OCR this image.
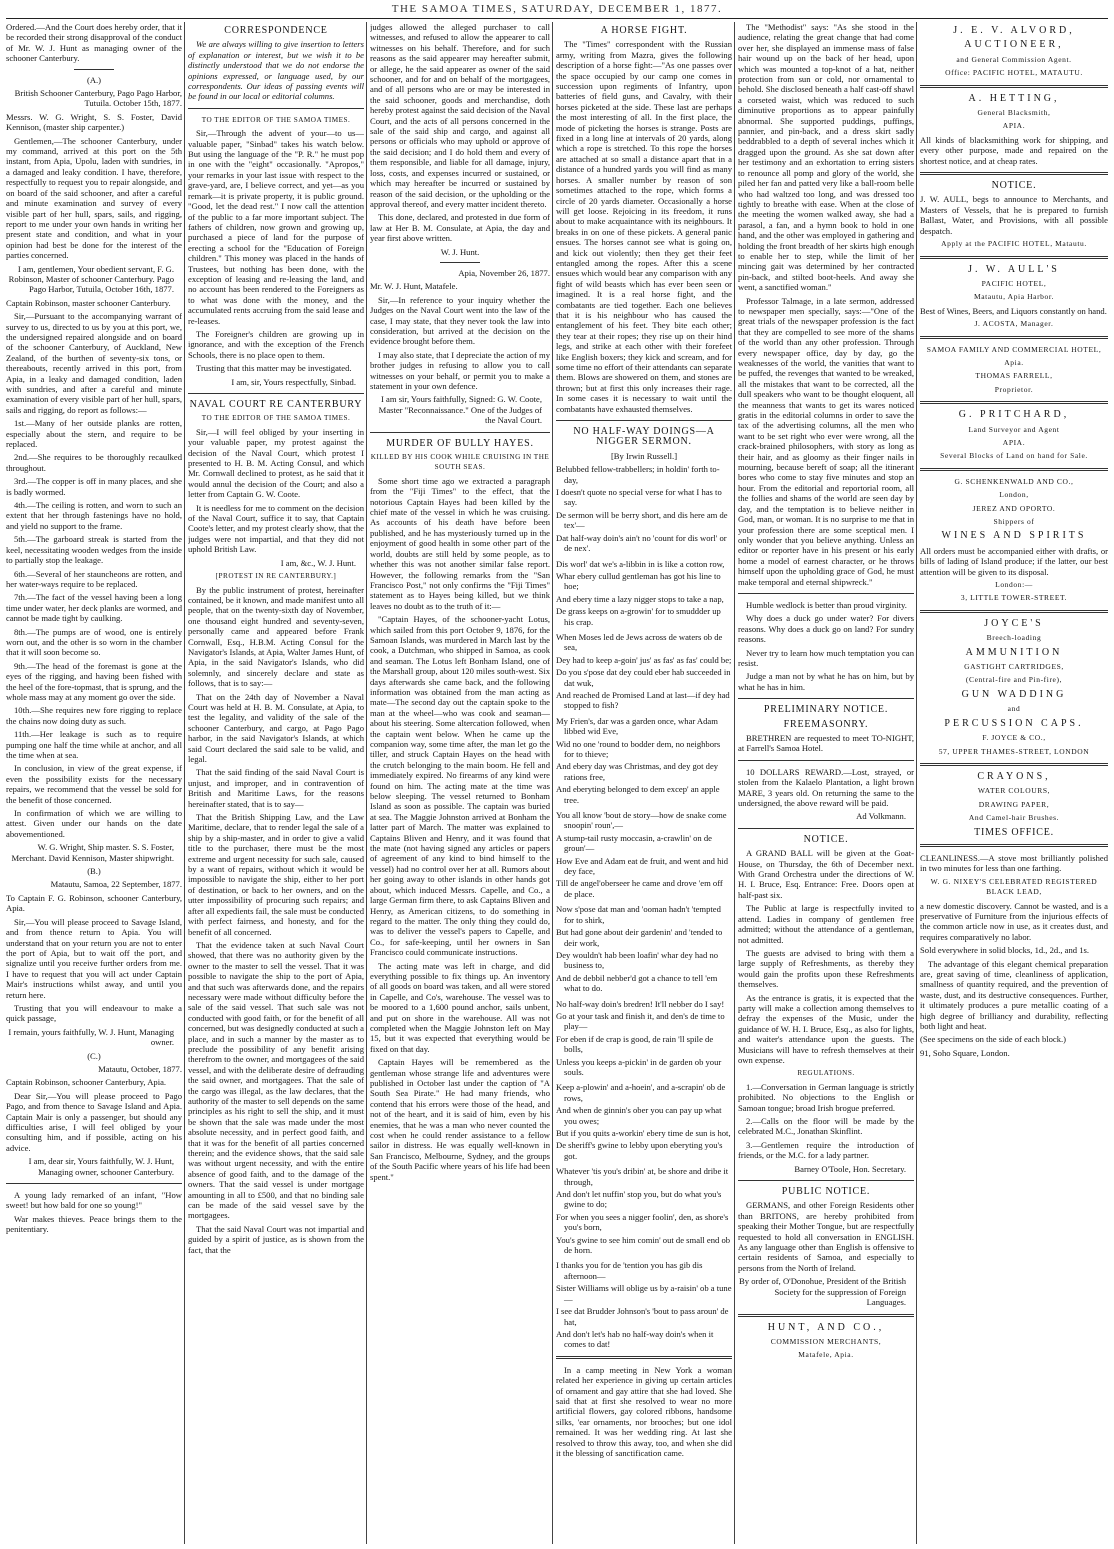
THE SAMOA TIMES, SATURDAY, DECEMBER 1, 1877.

Ordered.—And the Court does hereby order, that it be recorded their strong disapproval of the conduct of Mr. W. J. Hunt as managing owner of the schooner Canterbury.

(A.)

British Schooner Canterbury, Pago Pago Harbor, Tutuila. October 15th, 1877.

Messrs. W. G. Wright, S. S. Foster, David Kennison, (master ship carpenter.)

Gentlemen,—The schooner Canterbury, under my command, arrived at this port on the 5th instant, from Apia, Upolu, laden with sundries, in a damaged and leaky condition. I have, therefore, respectfully to request you to repair alongside, and on board of the said schooner, and after a careful and minute examination and survey of every visible part of her hull, spars, sails, and rigging, report to me under your own hands in writing her present state and condition, and what in your opinion had best be done for the interest of the parties concerned.

I am, gentlemen, Your obedient servant, F. G. Robinson, Master of schooner Canterbury. Pago Pago Harbor, Tutuila, October 16th, 1877.

Captain Robinson, master schooner Canterbury.

Sir,—Pursuant to the accompanying warrant of survey to us, directed to us by you at this port, we, the undersigned repaired alongside and on board of the schooner Canterbury, of Auckland, New Zealand, of the burthen of seventy-six tons, or thereabouts, recently arrived in this port, from Apia, in a leaky and damaged condition, laden with sundries, and after a careful and minute examination of every visible part of her hull, spars, sails and rigging, do report as follows:—

1st.—Many of her outside planks are rotten, especially about the stern, and require to be replaced.

2nd.—She requires to be thoroughly recaulked throughout.

3rd.—The copper is off in many places, and she is badly wormed.

4th.—The ceiling is rotten, and worn to such an extent that her through fastenings have no hold, and yield no support to the frame.

5th.—The garboard streak is started from the keel, necessitating wooden wedges from the inside to partially stop the leakage.

6th.—Several of her stauncheons are rotten, and her water-ways require to be replaced.

7th.—The fact of the vessel having been a long time under water, her deck planks are wormed, and cannot be made tight by caulking.

8th.—The pumps are of wood, one is entirely worn out, and the other is so worn in the chamber that it will soon become so.

9th.—The head of the foremast is gone at the eyes of the rigging, and having been fished with the heel of the fore-topmast, that is sprung, and the whole mass may at any moment go over the side.

10th.—She requires new fore rigging to replace the chains now doing duty as such.

11th.—Her leakage is such as to require pumping one half the time while at anchor, and all the time when at sea.

In conclusion, in view of the great expense, if even the possibility exists for the necessary repairs, we recommend that the vessel be sold for the benefit of those concerned.

In confirmation of which we are willing to attest. Given under our hands on the date abovementioned.

W. G. Wright, Ship master. S. S. Foster, Merchant. David Kennison, Master shipwright.

(B.)

Matautu, Samoa, 22 September, 1877.

To Captain F. G. Robinson, schooner Canterbury, Apia.

Sir,—You will please proceed to Savage Island, and from thence return to Apia. You will understand that on your return you are not to enter the port of Apia, but to wait off the port, and signalize until you receive further orders from me. I have to request that you will act under Captain Mair's instructions whilst away, and until you return here.

Trusting that you will endeavour to make a quick passage,

I remain, yours faithfully, W. J. Hunt, Managing owner.

(C.)

Matautu, October, 1877.

Captain Robinson, schooner Canterbury, Apia.

Dear Sir,—You will please proceed to Pago Pago, and from thence to Savage Island and Apia. Captain Mair is only a passenger, but should any difficulties arise, I will feel obliged by your consulting him, and if possible, acting on his advice.

I am, dear sir, Yours faithfully, W. J. Hunt, Managing owner, schooner Canterbury.

A young lady remarked of an infant, "How sweet! but how bald for one so young!"

War makes thieves. Peace brings them to the penitentiary.

CORRESPONDENCE

We are always willing to give insertion to letters of explanation or interest, but we wish it to be distinctly understood that we do not endorse the opinions expressed, or language used, by our correspondents. Our ideas of passing events will be found in our local or editorial columns.

TO THE EDITOR OF THE SAMOA TIMES.

Sir,—Through the advent of your—to us—valuable paper, "Sinbad" takes his watch below. But using the language of the "P. R." he must pop in one with the "eight" occasionally. "Apropos," your remarks in your last issue with respect to the grave-yard, are, I believe correct, and yet—as you remark—it is private property, it is public ground. "Good, let the dead rest." I now call the attention of the public to a far more important subject. The fathers of children, now grown and growing up, purchased a piece of land for the purpose of erecting a school for the "Education of Foreign children." This money was placed in the hands of Trustees, but nothing has been done, with the exception of leasing and re-leasing the land, and no account has been rendered to the Foreigners as to what was done with the money, and the accumulated rents accruing from the said lease and re-leases.

The Foreigner's children are growing up in ignorance, and with the exception of the French Schools, there is no place open to them.

Trusting that this matter may be investigated.

I am, sir, Yours respectfully, Sinbad.

NAVAL COURT RE CANTERBURY
TO THE EDITOR OF THE SAMOA TIMES.

Sir,—I will feel obliged by your inserting in your valuable paper, my protest against the decision of the Naval Court, which protest I presented to H. B. M. Acting Consul, and which Mr. Cornwall declined to protest, as he said that it would annul the decision of the Court; and also a letter from Captain G. W. Coote.

It is needless for me to comment on the decision of the Naval Court, suffice it to say, that Captain Coote's letter, and my protest clearly show, that the judges were not impartial, and that they did not uphold British Law.

I am, &c., W. J. Hunt.

[PROTEST IN RE CANTERBURY.]

By the public instrument of protest, hereinafter contained, be it known, and made manifest unto all people, that on the twenty-sixth day of November, one thousand eight hundred and seventy-seven, personally came and appeared before Frank Cornwall, Esq., H.B.M. Acting Consul for the Navigator's Islands, at Apia, Walter James Hunt, of Apia, in the said Navigator's Islands, who did solemnly, and sincerely declare and state as follows, that is to say:—

That on the 24th day of November a Naval Court was held at H. B. M. Consulate, at Apia, to test the legality, and validity of the sale of the schooner Canterbury, and cargo, at Pago Pago harbor, in the said Navigator's Islands, at which said Court declared the said sale to be valid, and legal.

That the said finding of the said Naval Court is unjust, and improper, and in contravention of British and Maritime Laws, for the reasons hereinafter stated, that is to say—

That the British Shipping Law, and the Law Maritime, declare, that to render legal the sale of a ship by a ship-master, and in order to give a valid title to the purchaser, there must be the most extreme and urgent necessity for such sale, caused by a want of repairs, without which it would be impossible to navigate the ship, either to her port of destination, or back to her owners, and on the utter impossibility of procuring such repairs; and after all expedients fail, the sale must be conducted with perfect fairness, and honesty, and for the benefit of all concerned.

That the evidence taken at such Naval Court showed, that there was no authority given by the owner to the master to sell the vessel. That it was possible to navigate the ship to the port of Apia, and that such was afterwards done, and the repairs necessary were made without difficulty before the sale of the said vessel. That such sale was not conducted with good faith, or for the benefit of all concerned, but was designedly conducted at such a place, and in such a manner by the master as to preclude the possibility of any benefit arising therefrom to the owner, and mortgagees of the said vessel, and with the deliberate desire of defrauding the said owner, and mortgagees. That the sale of the cargo was illegal, as the law declares, that the authority of the master to sell depends on the same principles as his right to sell the ship, and it must be shown that the sale was made under the most absolute necessity, and in perfect good faith, and that it was for the benefit of all parties concerned therein; and the evidence shows, that the said sale was without urgent necessity, and with the entire absence of good faith, and to the damage of the owners. That the said vessel is under mortgage amounting in all to £500, and that no binding sale can be made of the said vessel save by the mortgagees.

That the said Naval Court was not impartial and guided by a spirit of justice, as is shown from the fact, that the

judges allowed the alleged purchaser to call witnesses, and refused to allow the appearer to call witnesses on his behalf. Therefore, and for such reasons as the said appearer may hereafter submit, or allege, he the said appearer as owner of the said schooner, and for and on behalf of the mortgagees, and of all persons who are or may be interested in the said schooner, goods and merchandise, doth hereby protest against the said decision of the Naval Court, and the acts of all persons concerned in the sale of the said ship and cargo, and against all persons or officials who may uphold or approve of the said decision; and I do hold them and every of them responsible, and liable for all damage, injury, loss, costs, and expenses incurred or sustained, or which may hereafter be incurred or sustained by reason of the said decision, or the upholding or the approval thereof, and every matter incident thereto.

This done, declared, and protested in due form of law at Her B. M. Consulate, at Apia, the day and year first above written.

W. J. Hunt.

Apia, November 26, 1877.

Mr. W. J. Hunt, Matafele.

Sir,—In reference to your inquiry whether the Judges on the Naval Court went into the law of the case, I may state, that they never took the law into consideration, but arrived at the decision on the evidence brought before them.

I may also state, that I depreciate the action of my brother judges in refusing to allow you to call witnesses on your behalf, or permit you to make a statement in your own defence.

I am sir, Yours faithfully, Signed: G. W. Coote, Master "Reconnaissance." One of the Judges of the Naval Court.

MURDER OF BULLY HAYES.
KILLED BY HIS COOK WHILE CRUISING IN THE SOUTH SEAS.

Some short time ago we extracted a paragraph from the "Fiji Times" to the effect, that the notorious Captain Hayes had been killed by the chief mate of the vessel in which he was cruising. As accounts of his death have before been published, and he has mysteriously turned up in the enjoyment of good health in some other part of the world, doubts are still held by some people, as to whether this was not another similar false report. However, the following remarks from the "San Francisco Post," not only confirms the "Fiji Times" statement as to Hayes being killed, but we think leaves no doubt as to the truth of it:—

"Captain Hayes, of the schooner-yacht Lotus, which sailed from this port October 9, 1876, for the Samoan Islands, was murdered in March last by the cook, a Dutchman, who shipped in Samoa, as cook and seaman. The Lotus left Bonham Island, one of the Marshall group, about 120 miles south-west. Six days afterwards she came back, and the following information was obtained from the man acting as mate—The second day out the captain spoke to the man at the wheel—who was cook and seaman—about his steering. Some altercation followed, when the captain went below. When he came up the companion way, some time after, the man let go the tiller, and struck Captain Hayes on the head with the crutch belonging to the main boom. He fell and immediately expired. No firearms of any kind were found on him. The acting mate at the time was below sleeping. The vessel returned to Bonham Island as soon as possible. The captain was buried at sea. The Maggie Johnston arrived at Bonham the latter part of March. The matter was explained to Captains Bliven and Henry, and it was found that the mate (not having signed any articles or papers of agreement of any kind to bind himself to the vessel) had no control over her at all. Rumors about her going away to other islands in other hands got about, which induced Messrs. Capelle, and Co., a large German firm there, to ask Captains Bliven and Henry, as American citizens, to do something in regard to the matter. The only thing they could do, was to deliver the vessel's papers to Capelle, and Co., for safe-keeping, until her owners in San Francisco could communicate instructions.

The acting mate was left in charge, and did everything possible to fix things up. An inventory of all goods on board was taken, and all were stored in Capelle, and Co's, warehouse. The vessel was to be moored to a 1,600 pound anchor, sails unbent, and put on shore in the warehouse. All was not completed when the Maggie Johnston left on May 15, but it was expected that everything would be fixed on that day.

Captain Hayes will be remembered as the gentleman whose strange life and adventures were published in October last under the caption of "A South Sea Pirate." He had many friends, who contend that his errors were those of the head, and not of the heart, and it is said of him, even by his enemies, that he was a man who never counted the cost when he could render assistance to a fellow sailor in distress. He was equally well-known in San Francisco, Melbourne, Sydney, and the groups of the South Pacific where years of his life had been spent."

A HORSE FIGHT.

The "Times" correspondent with the Russian army, writing from Mazra, gives the following description of a horse fight:—"As one passes over the space occupied by our camp one comes in succession upon regiments of Infantry, upon batteries of field guns, and Cavalry, with their horses picketed at the side. These last are perhaps the most interesting of all. In the first place, the mode of picketing the horses is strange. Posts are fixed in a long line at intervals of 20 yards, along which a rope is stretched. To this rope the horses are attached at so small a distance apart that in a distance of a hundred yards you will find as many horses. A smaller number by reason of son sometimes attached to the rope, which forms a circle of 20 yards diameter. Occasionally a horse will get loose. Rejoicing in its freedom, it runs about to make acquaintance with its neighbours. It breaks in on one of these pickets. A general panic ensues. The horses cannot see what is going on, and kick out violently; then they get their feet entangled among the ropes. After this a scene ensues which would bear any comparison with any fight of wild beasts which has ever been seen or imagined. It is a real horse fight, and the combatants are tied together. Each one believes that it is his neighbour who has caused the entanglement of his feet. They bite each other; they tear at their ropes; they rise up on their hind legs, and strike at each other with their forefeet like English boxers; they kick and scream, and for some time no effort of their attendants can separate them. Blows are showered on them, and stones are thrown; but at first this only increases their rage. In some cases it is necessary to wait until the combatants have exhausted themselves.

NO HALF-WAY DOINGS—A NIGGER SERMON.

[By Irwin Russell.]

Belubbed fellow-trabbellers; in holdin' forth to-day,

I doesn't quote no special verse for what I has to say.

De sermon will be berry short, and dis here am de tex'—

Dat half-way doin's ain't no 'count for dis worl' or de nex'.

Dis worl' dat we's a-libbin in is like a cotton row,

Whar ebery cullud gentleman has got his line to hoe;

And ebery time a lazy nigger stops to take a nap,

De grass keeps on a-growin' for to smuddder up his crap.

When Moses led de Jews across de waters ob de sea,

Dey had to keep a-goin' jus' as fas' as fas' could be;

Do you s'pose dat dey could eber hab succeeded in dat wuk,

And reached de Promised Land at last—if dey had stopped to fish?

My Frien's, dar was a garden once, whar Adam libbed wid Eve,

Wid no one 'round to bodder dem, no neighbors for to thieve;

And ebery day was Christmas, and dey got dey rations free,

And eberyting belonged to dem excep' an apple tree.

You all know 'bout de story—how de snake come snoopin' roun',—

A stump-tail rusty moccasin, a-crawlin' on de groun'—

How Eve and Adam eat de fruit, and went and hid dey face,

Till de angel'oberseer he came and drove 'em off de place.

Now s'pose dat man and 'ooman hadn't 'tempted for to shirk,

But had gone about deir gardenin' and 'tended to deir work,

Dey wouldn't hab been loafin' whar dey had no business to,

And de debbil nebber'd got a chance to tell 'em what to do.

No half-way doin's bredren! It'll nebber do I say!

Go at your task and finish it, and den's de time to play—

For eben if de crap is good, de rain 'll spile de bolls,

Unless you keeps a-pickin' in de garden ob your souls.

Keep a-plowin' and a-hoein', and a-scrapin' ob de rows,

And when de ginnin's ober you can pay up what you owes;

But if you quits a-workin' ebery time de sun is hot,

De sheriff's gwine to lebby upon eberyting you's got.

Whatever 'tis you's dribin' at, be shore and dribe it through,

And don't let nuffin' stop you, but do what you's gwine to do;

For when you sees a nigger foolin', den, as shore's you's born,

You's gwine to see him comin' out de small end ob de horn.

I thanks you for de 'tention you has gib dis afternoon—

Sister Williams will oblige us by a-raisin' ob a tune—

I see dat Brudder Johnson's 'bout to pass aroun' de hat,

And don't let's hab no half-way doin's when it comes to dat!

In a camp meeting in New York a woman related her experience in giving up certain articles of ornament and gay attire that she had loved. She said that at first she resolved to wear no more artificial flowers, gay colored ribbons, handsome silks, 'ear ornaments, nor brooches; but one idol remained. It was her wedding ring. At last she resolved to throw this away, too, and when she did it the blessing of sanctification came.

The "Methodist" says: "As she stood in the audience, relating the great change that had come over her, she displayed an immense mass of false hair wound up on the back of her head, upon which was mounted a top-knot of a hat, neither protection from sun or cold, nor ornamental to behold. She disclosed beneath a half cast-off shawl a corseted waist, which was reduced to such diminutive proportions as to appear painfully abnormal. She supported puddings, puffings, pannier, and pin-back, and a dress skirt sadly beddrabbled to a depth of several inches which it dragged upon the ground. As she sat down after her testimony and an exhortation to erring sisters to renounce all pomp and glory of the world, she piled her fan and patted very like a ball-room belle who had waltzed too long, and was dressed too tightly to breathe with ease. When at the close of the meeting the women walked away, she had a parasol, a fan, and a hymn book to hold in one hand, and the other was employed in gathering and holding the front breadth of her skirts high enough to enable her to step, while the limit of her mincing gait was determined by her contracted pin-back, and stilted boot-heels. And away she went, a sanctified woman."

Professor Talmage, in a late sermon, addressed to newspaper men specially, says:—"One of the great trials of the newspaper profession is the fact that they are compelled to see more of the shams of the world than any other profession. Through every newspaper office, day by day, go the weaknesses of the world, the vanities that want to be puffed, the revenges that wanted to be wreaked, all the mistakes that want to be corrected, all the dull speakers who want to be thought eloquent, all the meanness that wants to get its wares noticed gratis in the editorial columns in order to save the tax of the advertising columns, all the men who want to be set right who ever were wrong, all the crack-brained philosophers, with story as long as their hair, and as gloomy as their finger nails in mourning, because bereft of soap; all the itinerant bores who come to stay five minutes and stop an hour. From the editorial and reportorial room, all the follies and shams of the world are seen day by day, and the temptation is to believe neither in God, man, or woman. It is no surprise to me that in your profession there are some sceptical men. I only wonder that you believe anything. Unless an editor or reporter have in his present or his early home a model of earnest character, or he throws himself upon the upholding grace of God, he must make temporal and eternal shipwreck."

Humble wedlock is better than proud virginity.

Why does a duck go under water? For divers reasons. Why does a duck go on land? For sundry reasons.

Never try to learn how much temptation you can resist.

Judge a man not by what he has on him, but by what he has in him.

PRELIMINARY NOTICE.
FREEMASONRY.

BRETHREN are requested to meet TO-NIGHT, at Farrell's Samoa Hotel.

10 DOLLARS REWARD.—Lost, strayed, or stolen from the Kalaelo Plantation, a light brown MARE, 3 years old. On returning the same to the undersigned, the above reward will be paid.

Ad Volkmann.

NOTICE.

A GRAND BALL will be given at the Goat-House, on Thursday, the 6th of December next. With Grand Orchestra under the directions of W. H. I. Bruce, Esq. Entrance: Free. Doors open at half-past six.

The Public at large is respectfully invited to attend. Ladies in company of gentlemen free admitted; without the attendance of a gentleman, not admitted.

The guests are advised to bring with them a large supply of Refreshments, as thereby they would gain the profits upon these Refreshments themselves.

As the entrance is gratis, it is expected that the party will make a collection among themselves to defray the expenses of the Music, under the guidance of W. H. I. Bruce, Esq., as also for lights, and waiter's attendance upon the guests. The Musicians will have to refresh themselves at their own expense.

REGULATIONS.

1.—Conversation in German language is strictly prohibited. No objections to the English or Samoan tongue; broad Irish brogue preferred.

2.—Calls on the floor will be made by the celebrated M.C., Jonathan Skinflint.

3.—Gentlemen require the introduction of friends, or the M.C. for a lady partner.

Barney O'Toole, Hon. Secretary.

PUBLIC NOTICE.

GERMANS, and other Foreign Residents other than BRITONS, are hereby prohibited from speaking their Mother Tongue, but are respectfully requested to hold all conversation in ENGLISH. As any language other than English is offensive to certain residents of Samoa, and especially to persons from the North of Ireland.

By order of, O'Donohue, President of the British Society for the suppression of Foreign Languages.

HUNT, AND CO.,
COMMISSION MERCHANTS,
Matafele, Apia.
J. E. V. ALVORD,
AUCTIONEER,
and General Commission Agent.
Office: PACIFIC HOTEL, MATAUTU.
A. HETTING,
General Blacksmith,
APIA.

All kinds of blacksmithing work for shipping, and every other purpose, made and repaired on the shortest notice, and at cheap rates.

NOTICE.

J. W. AULL, begs to announce to Merchants, and Masters of Vessels, that he is prepared to furnish Ballast, Water, and Provisions, with all possible despatch.

Apply at the PACIFIC HOTEL, Matautu.
J. W. AULL'S
PACIFIC HOTEL,
Matautu, Apia Harbor.

Best of Wines, Beers, and Liquors constantly on hand.

J. ACOSTA, Manager.
SAMOA FAMILY AND COMMERCIAL HOTEL,
Apia.
THOMAS FARRELL,
Proprietor.
G. PRITCHARD,
Land Surveyor and Agent
APIA.
Several Blocks of Land on hand for Sale.
G. SCHENKENWALD AND CO.,
London,
JEREZ AND OPORTO.
Shippers of
WINES AND SPIRITS

All orders must be accompanied either with drafts, or bills of lading of Island produce; if the latter, our best attention will be given to its disposal.

London:—
3, LITTLE TOWER-STREET.
JOYCE'S
Breech-loading
AMMUNITION
GASTIGHT CARTRIDGES,
(Central-fire and Pin-fire),
GUN WADDING
and
PERCUSSION CAPS.
F. JOYCE & CO.,
57, UPPER THAMES-STREET, LONDON
CRAYONS,
WATER COLOURS,
DRAWING PAPER,
And Camel-hair Brushes.
TIMES OFFICE.

CLEANLINESS.—A stove most brilliantly polished in two minutes for less than one farthing.

W. G. NIXEY'S CELEBRATED REGISTERED BLACK LEAD,

a new domestic discovery. Cannot be wasted, and is a preservative of Furniture from the injurious effects of the common article now in use, as it creates dust, and requires comparatively no labor.

Sold everywhere in solid blocks, 1d., 2d., and 1s.

The advantage of this elegant chemical preparation are, great saving of time, cleanliness of application, smallness of quantity required, and the prevention of waste, dust, and its destructive consequences. Further, it ultimately produces a pure metallic coating of a high degree of brilliancy and durability, reflecting both light and heat.

(See specimens on the side of each block.)

91, Soho Square, London.
